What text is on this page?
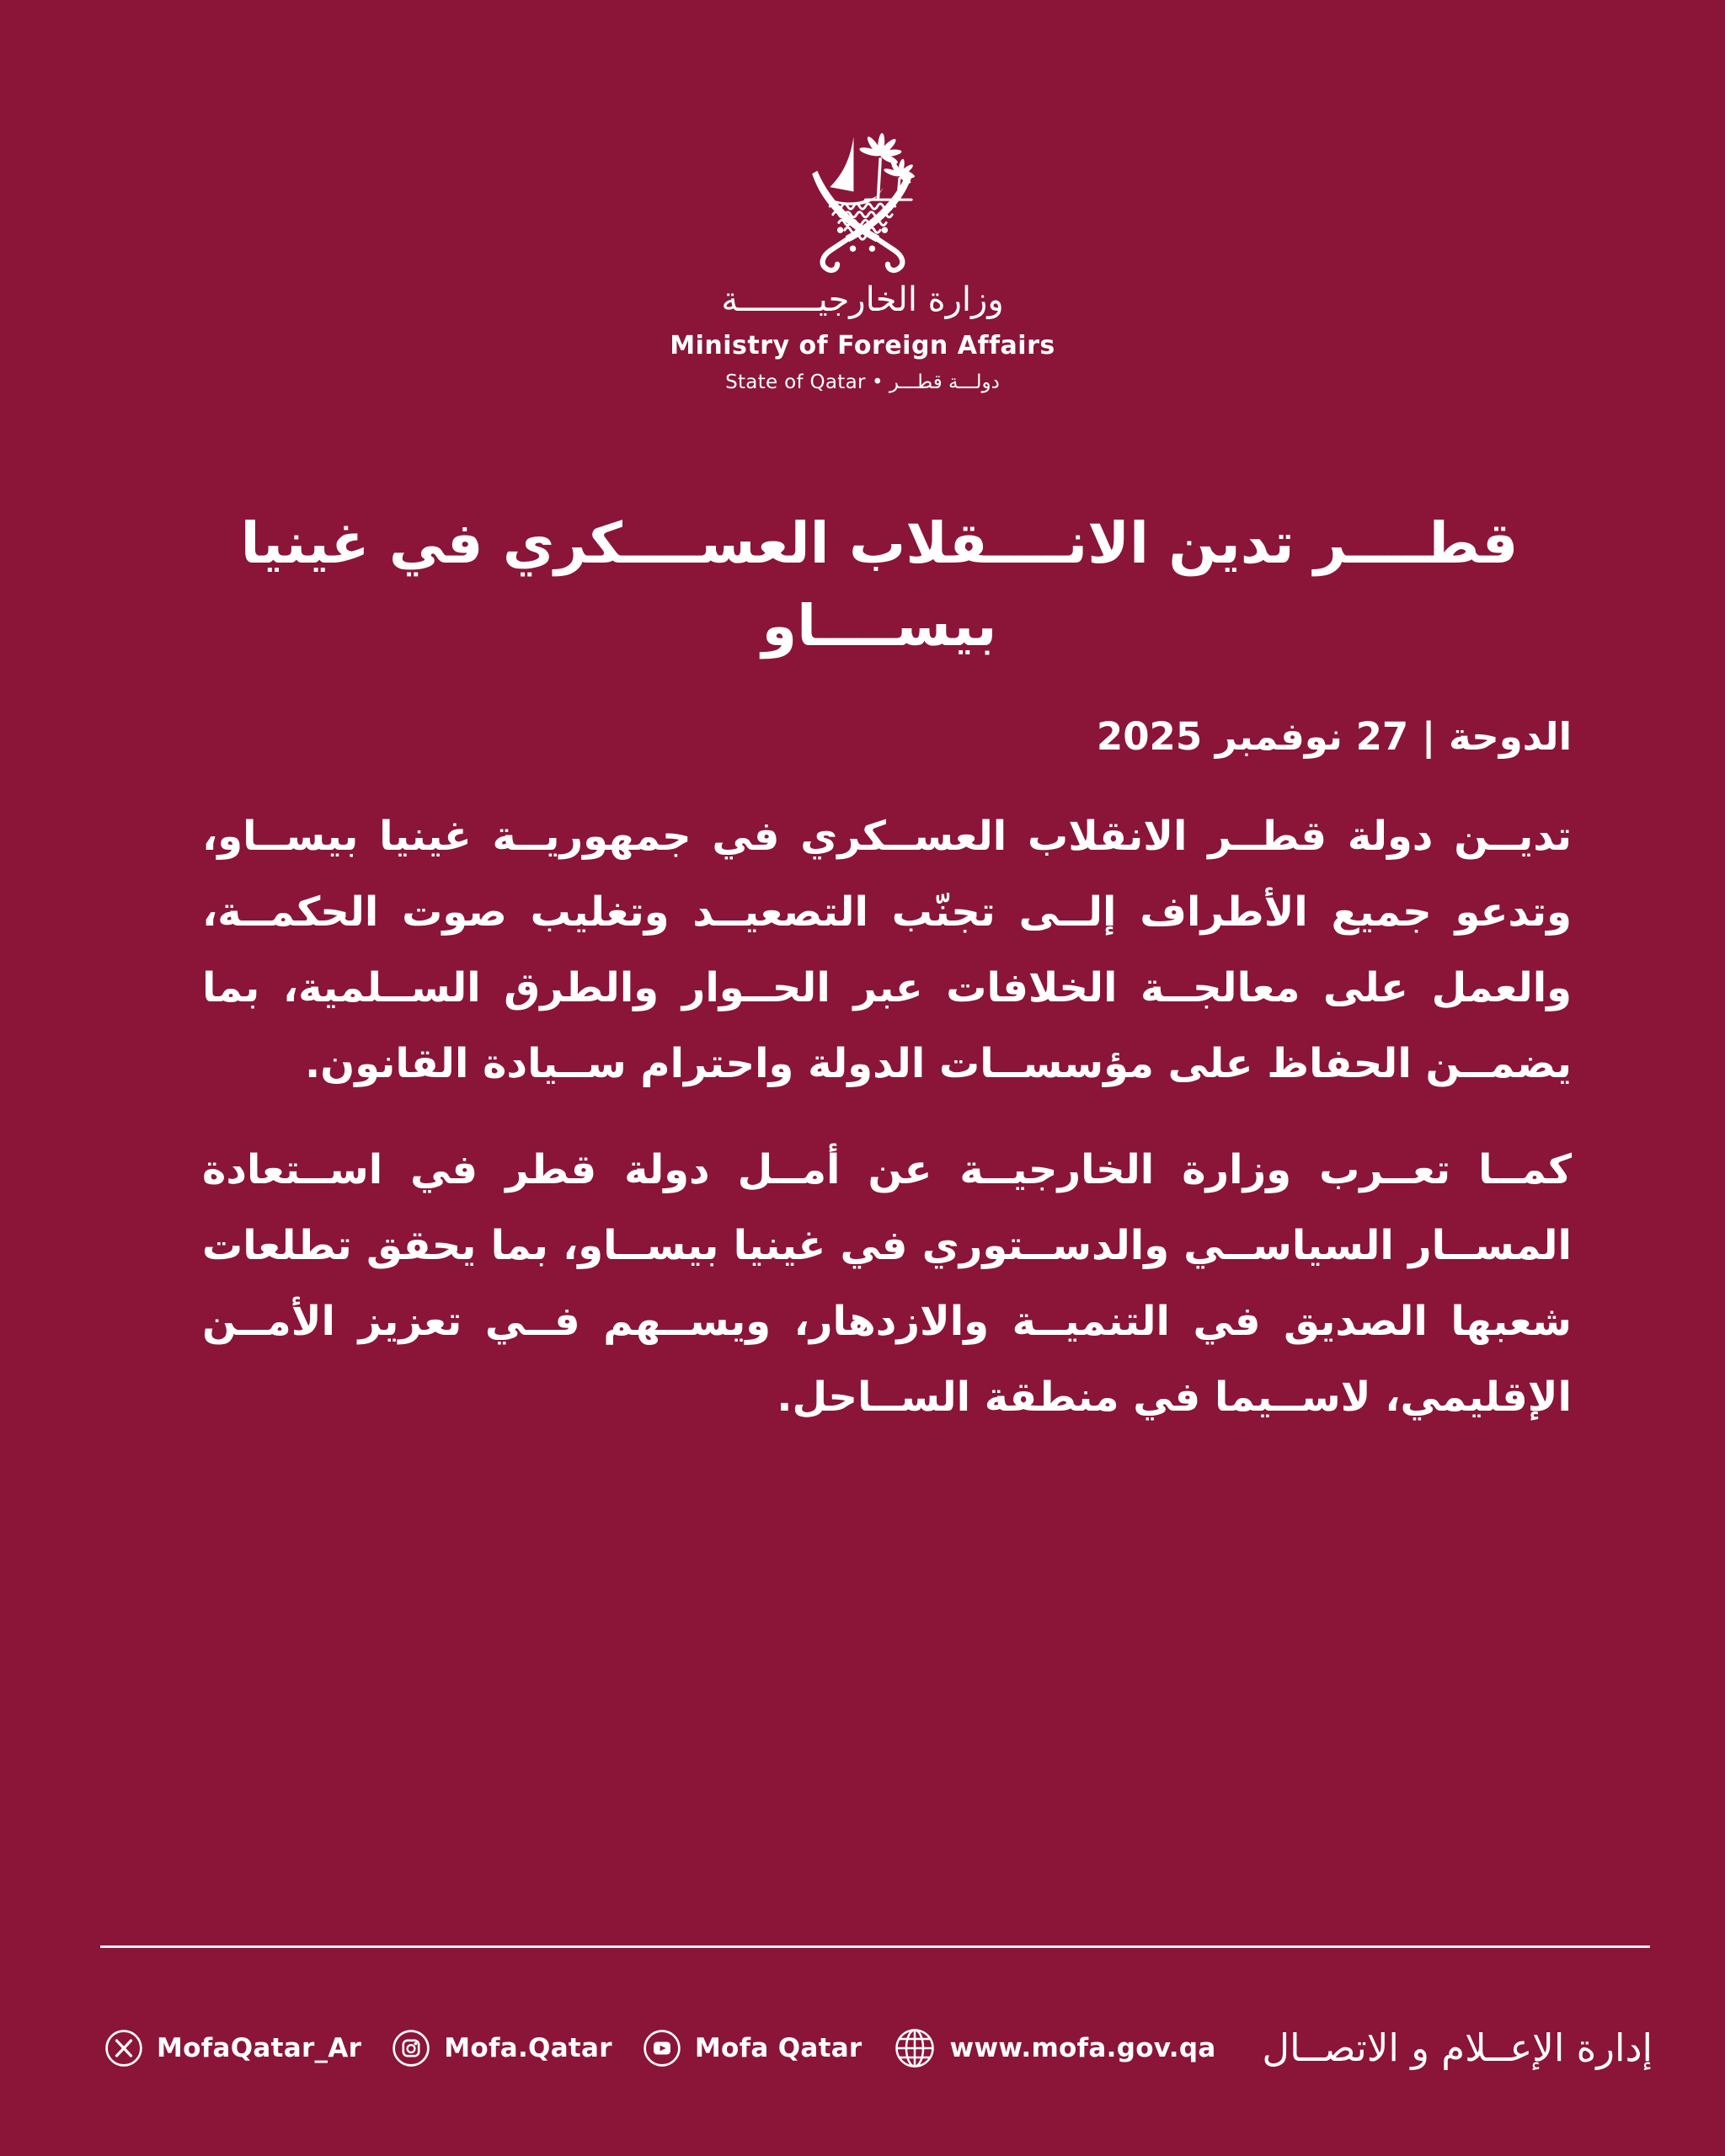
وزارة الخارجيــــــــة
Ministry of Foreign Affairs
دولـــة قطـــر • State of Qatar
قطــــر تدين الانــــقلاب العســــكري في غينيا بيســــاو
الدوحة | 27 نوفمبر 2025

تديــن دولة قطــر الانقلاب العســكري في جمهوريــة غينيا بيســاو، وتدعو جميع الأطراف إلــى تجنّب التصعيــد وتغليب صوت الحكمــة، والعمل على معالجــة الخلافات عبر الحــوار والطرق الســلمية، بما يضمــن الحفاظ على مؤسســات الدولة واحترام ســيادة القانون.

كمــا تعــرب وزارة الخارجيــة عن أمــل دولة قطر في اســتعادة المســار السياســي والدســتوري في غينيا بيســاو، بما يحقق تطلعات شعبها الصديق في التنميــة والازدهار، ويســهم فــي تعزيز الأمــن الإقليمي، لاســيما في منطقة الســاحل.

MofaQatar_Ar	Mofa.Qatar	Mofa Qatar	www.mofa.gov.qa إدارة الإعــلام و الاتصــال
